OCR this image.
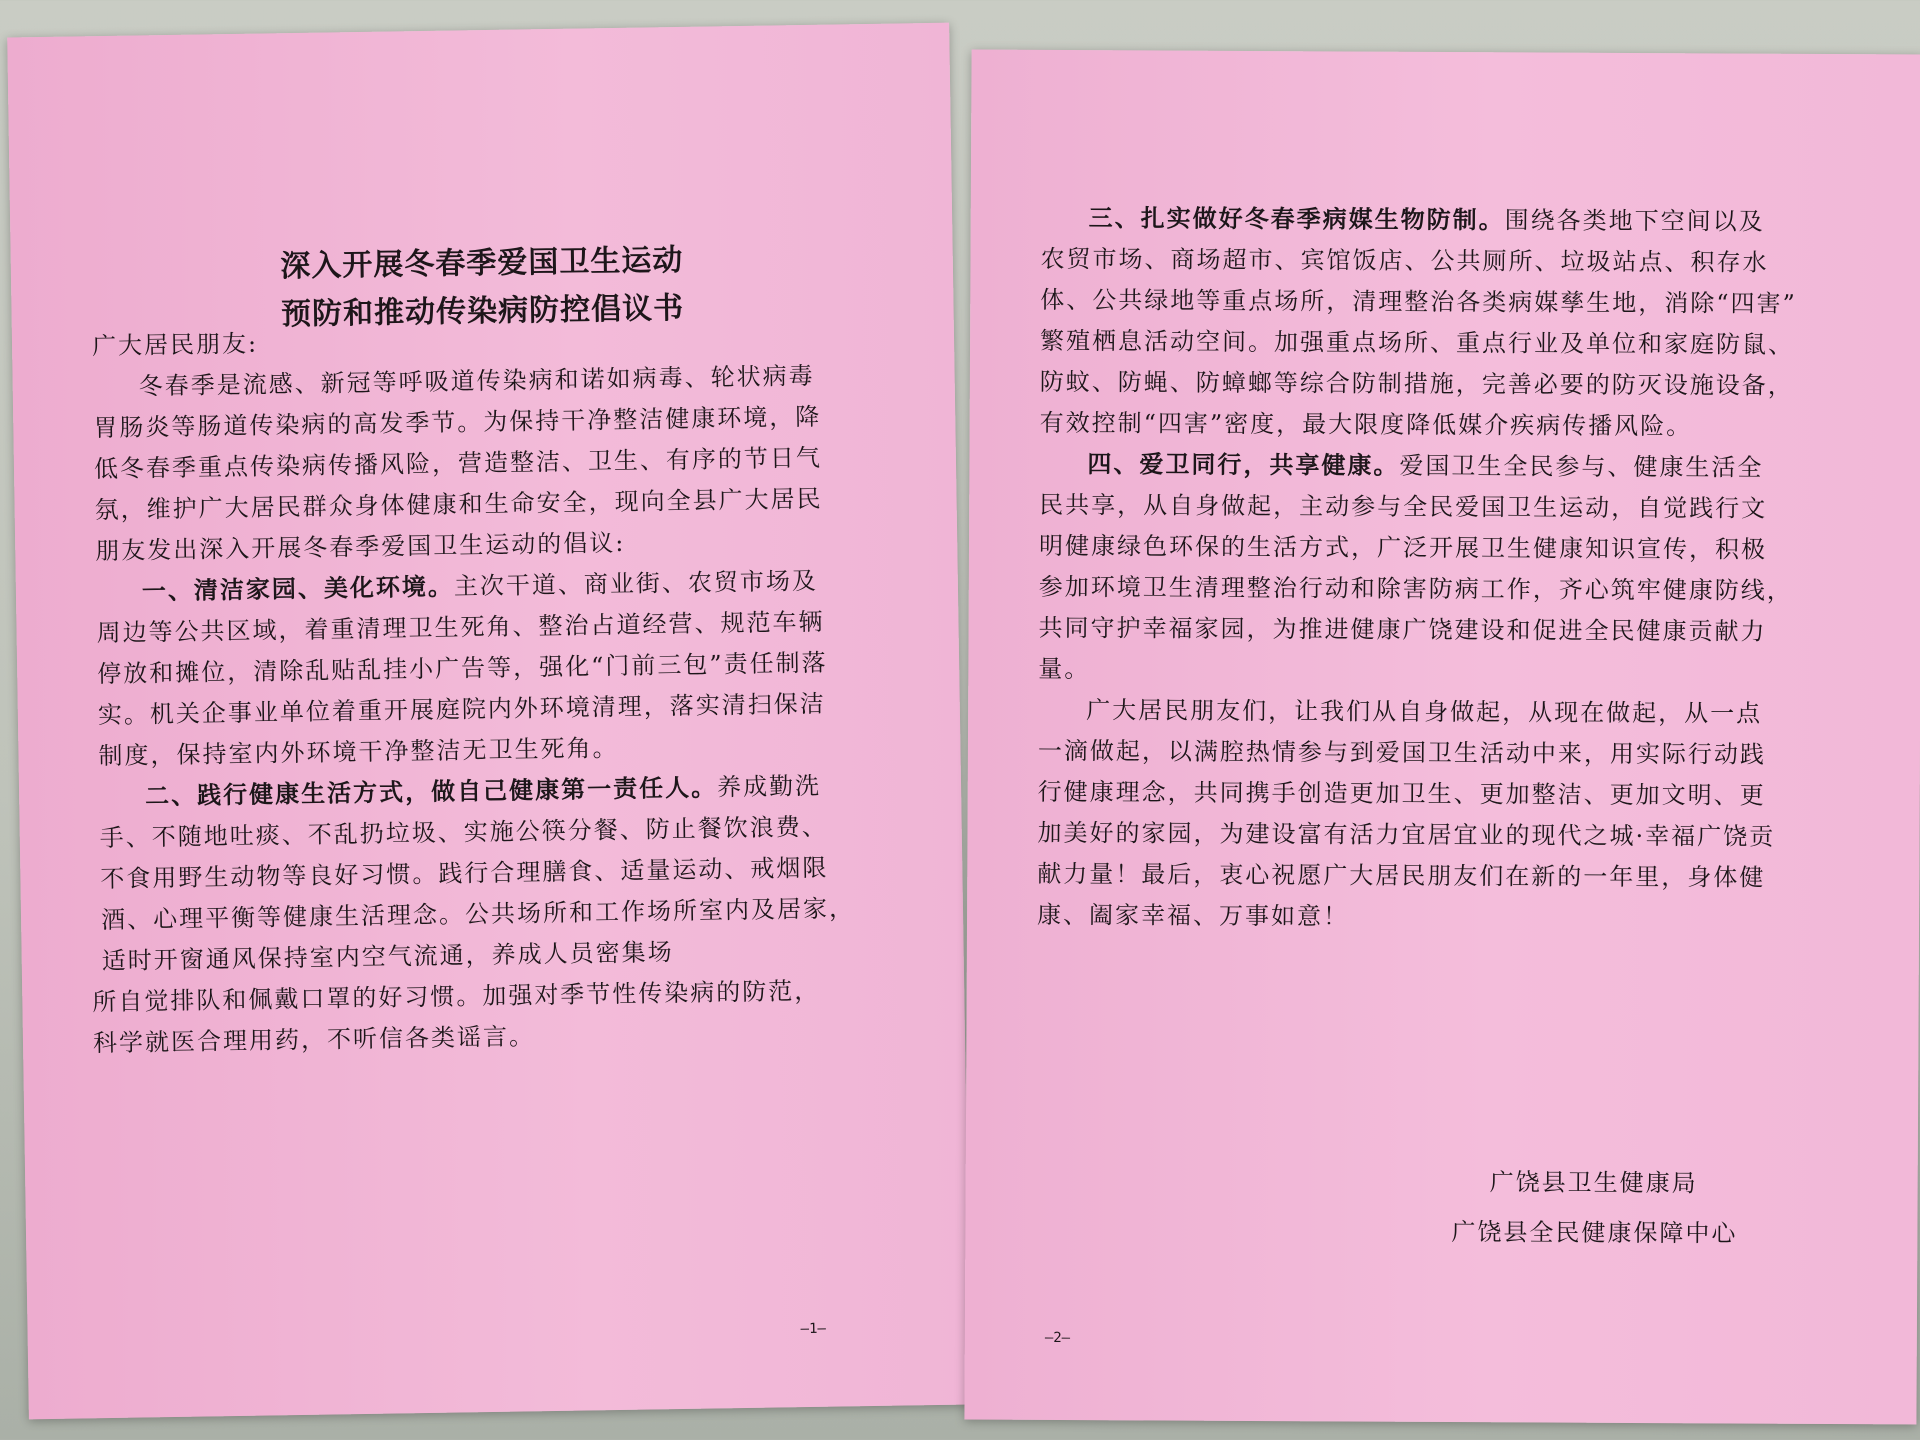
深入开展冬春季爱国卫生运动
预防和推动传染病防控倡议书
广大居民朋友:
冬春季是流感、新冠等呼吸道传染病和诺如病毒、轮状病毒
胃肠炎等肠道传染病的高发季节。为保持干净整洁健康环境，降
低冬春季重点传染病传播风险，营造整洁、卫生、有序的节日气
氛，维护广大居民群众身体健康和生命安全，现向全县广大居民
朋友发出深入开展冬春季爱国卫生运动的倡议:
一、清洁家园、美化环境。主次干道、商业街、农贸市场及
周边等公共区域，着重清理卫生死角、整治占道经营、规范车辆
停放和摊位，清除乱贴乱挂小广告等，强化“门前三包”责任制落
实。机关企事业单位着重开展庭院内外环境清理，落实清扫保洁
制度，保持室内外环境干净整洁无卫生死角。
二、践行健康生活方式，做自己健康第一责任人。养成勤洗
手、不随地吐痰、不乱扔垃圾、实施公筷分餐、防止餐饮浪费、
不食用野生动物等良好习惯。践行合理膳食、适量运动、戒烟限
酒、心理平衡等健康生活理念。公共场所和工作场所室内及居家，
适时开窗通风保持室内空气流通，养成人员密集场
所自觉排队和佩戴口罩的好习惯。加强对季节性传染病的防范，
科学就医合理用药，不听信各类谣言。
—1—
三、扎实做好冬春季病媒生物防制。围绕各类地下空间以及
农贸市场、商场超市、宾馆饭店、公共厕所、垃圾站点、积存水
体、公共绿地等重点场所，清理整治各类病媒孳生地，消除“四害”
繁殖栖息活动空间。加强重点场所、重点行业及单位和家庭防鼠、
防蚊、防蝇、防蟑螂等综合防制措施，完善必要的防灭设施设备，
有效控制“四害”密度，最大限度降低媒介疾病传播风险。
四、爱卫同行，共享健康。爱国卫生全民参与、健康生活全
民共享，从自身做起，主动参与全民爱国卫生运动，自觉践行文
明健康绿色环保的生活方式，广泛开展卫生健康知识宣传，积极
参加环境卫生清理整治行动和除害防病工作，齐心筑牢健康防线，
共同守护幸福家园，为推进健康广饶建设和促进全民健康贡献力
量。
广大居民朋友们，让我们从自身做起，从现在做起，从一点
一滴做起，以满腔热情参与到爱国卫生活动中来，用实际行动践
行健康理念，共同携手创造更加卫生、更加整洁、更加文明、更
加美好的家园，为建设富有活力宜居宜业的现代之城·幸福广饶贡
献力量！最后，衷心祝愿广大居民朋友们在新的一年里，身体健
康、阖家幸福、万事如意！
广饶县卫生健康局
广饶县全民健康保障中心
—2—
